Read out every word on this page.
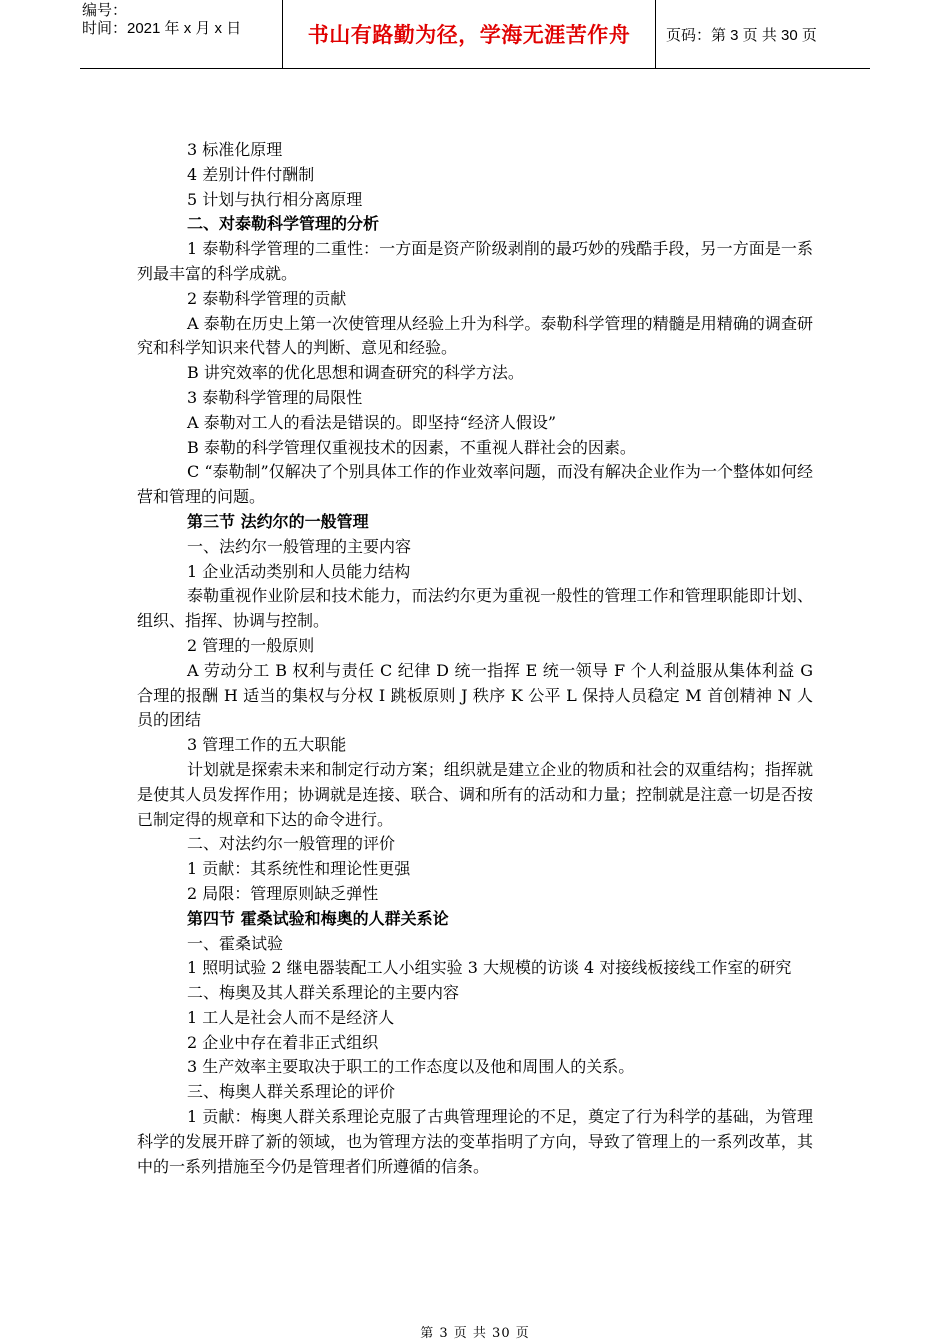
编号：
时间：2021 年 x 月 x 日	书山有路勤为径，学海无涯苦作舟	页码：第 3 页 共 30 页

3 标准化原理

4 差别计件付酬制

5 计划与执行相分离原理

二、对泰勒科学管理的分析

1 泰勒科学管理的二重性：一方面是资产阶级剥削的最巧妙的残酷手段，另一方面是一系列最丰富的科学成就。

2 泰勒科学管理的贡献

A 泰勒在历史上第一次使管理从经验上升为科学。泰勒科学管理的精髓是用精确的调查研究和科学知识来代替人的判断、意见和经验。

B 讲究效率的优化思想和调查研究的科学方法。

3 泰勒科学管理的局限性

A 泰勒对工人的看法是错误的。即坚持“经济人假设”

B 泰勒的科学管理仅重视技术的因素，不重视人群社会的因素。

C “泰勒制”仅解决了个别具体工作的作业效率问题，而没有解决企业作为一个整体如何经营和管理的问题。

第三节 法约尔的一般管理

一、法约尔一般管理的主要内容

1 企业活动类别和人员能力结构

泰勒重视作业阶层和技术能力，而法约尔更为重视一般性的管理工作和管理职能即计划、组织、指挥、协调与控制。

2 管理的一般原则

A 劳动分工 B 权利与责任 C 纪律 D 统一指挥 E 统一领导 F 个人利益服从集体利益 G 合理的报酬 H 适当的集权与分权 I 跳板原则 J 秩序 K 公平 L 保持人员稳定 M 首创精神 N 人员的团结

3 管理工作的五大职能

计划就是探索未来和制定行动方案；组织就是建立企业的物质和社会的双重结构；指挥就是使其人员发挥作用；协调就是连接、联合、调和所有的活动和力量；控制就是注意一切是否按已制定得的规章和下达的命令进行。

二、对法约尔一般管理的评价

1 贡献：其系统性和理论性更强

2 局限：管理原则缺乏弹性

第四节 霍桑试验和梅奥的人群关系论

一、霍桑试验

1 照明试验 2 继电器装配工人小组实验 3 大规模的访谈 4 对接线板接线工作室的研究

二、梅奥及其人群关系理论的主要内容

1 工人是社会人而不是经济人

2 企业中存在着非正式组织

3 生产效率主要取决于职工的工作态度以及他和周围人的关系。

三、梅奥人群关系理论的评价

1 贡献：梅奥人群关系理论克服了古典管理理论的不足，奠定了行为科学的基础，为管理科学的发展开辟了新的领域，也为管理方法的变革指明了方向，导致了管理上的一系列改革，其中的一系列措施至今仍是管理者们所遵循的信条。

第 3 页 共 30 页
